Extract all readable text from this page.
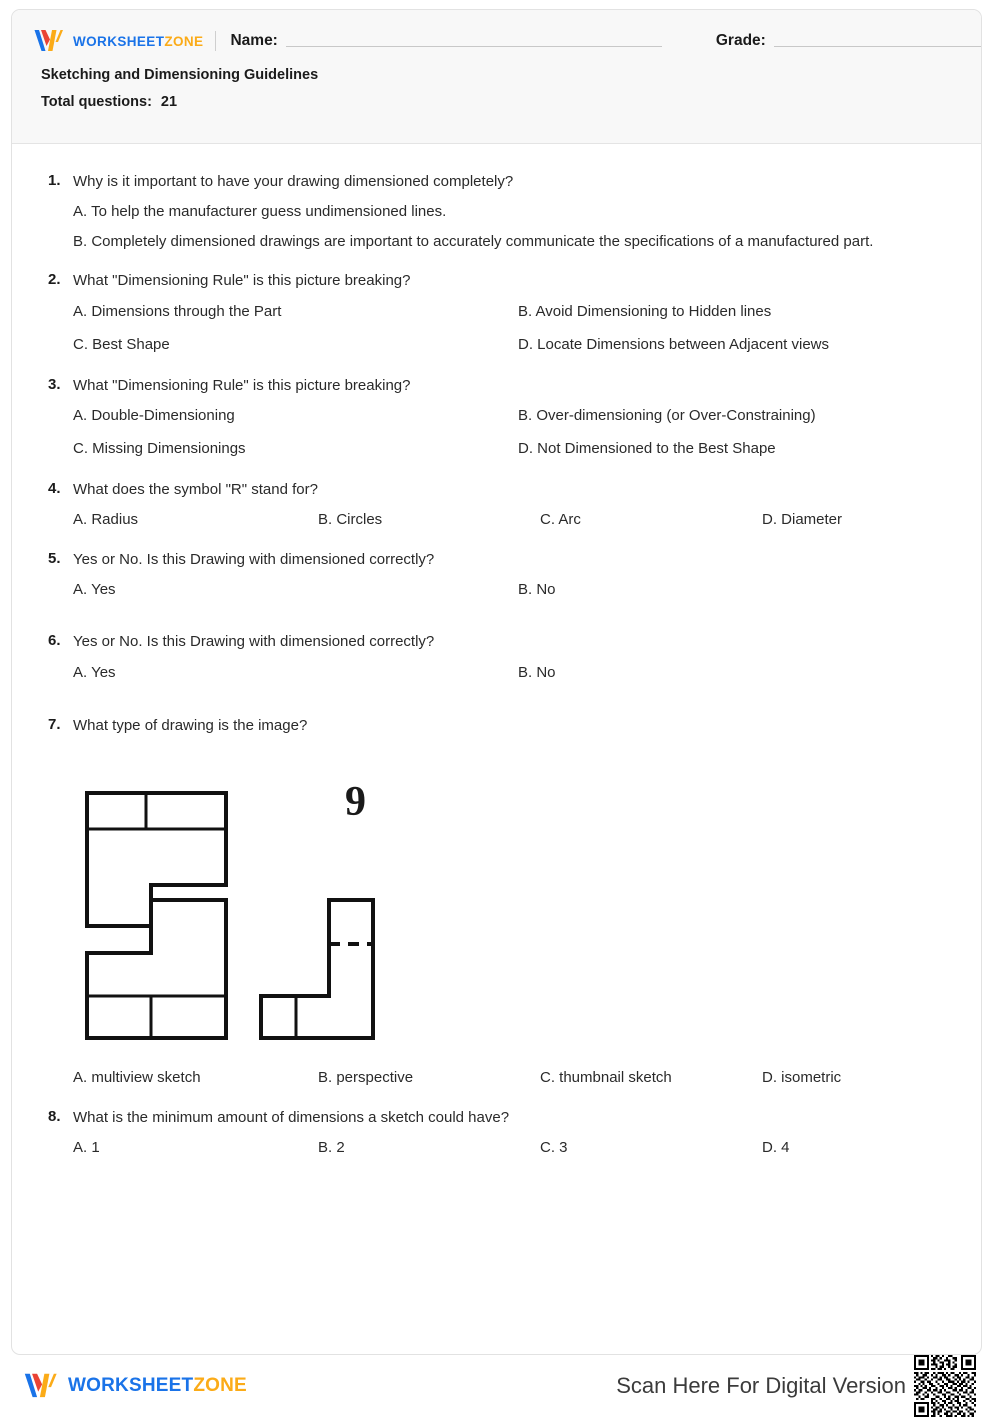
WORKSHEETZONE Name:	Grade:
Sketching and Dimensioning Guidelines
Total questions: 21
1. Why is it important to have your drawing dimensioned completely?
A. To help the manufacturer guess undimensioned lines.
B. Completely dimensioned drawings are important to accurately communicate the specifications of a manufactured part.
2. What "Dimensioning Rule" is this picture breaking?
A. Dimensions through the Part	B. Avoid Dimensioning to Hidden lines
C. Best Shape	D. Locate Dimensions between Adjacent views
3. What "Dimensioning Rule" is this picture breaking?
A. Double-Dimensioning	B. Over-dimensioning (or Over-Constraining)
C. Missing Dimensionings	D. Not Dimensioned to the Best Shape
4. What does the symbol "R" stand for?
A. Radius	B. Circles	C. Arc	D. Diameter
5. Yes or No. Is this Drawing with dimensioned correctly?
A. Yes	B. No
6. Yes or No. Is this Drawing with dimensioned correctly?
A. Yes	B. No
7. What type of drawing is the image?
9
A. multiview sketch	B. perspective	C. thumbnail sketch	D. isometric
8. What is the minimum amount of dimensions a sketch could have?
A. 1	B. 2	C. 3	D. 4
WORKSHEETZONE	Scan Here For Digital Version
